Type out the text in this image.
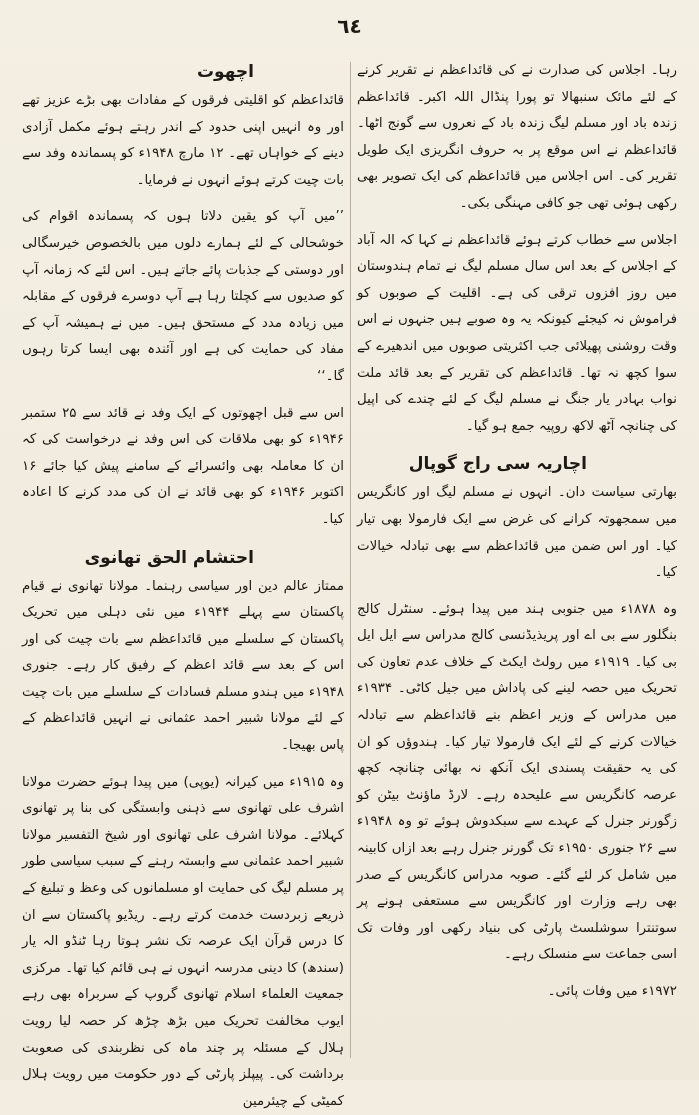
٦٤

رہا۔ اجلاس کی صدارت نے کی قائداعظم نے تقریر کرنے کے لئے مائک سنبھالا تو پورا پنڈال اللہ اکبر۔ قائداعظم زندہ باد اور مسلم لیگ زندہ باد کے نعروں سے گونج اٹھا۔ قائداعظم نے اس موقع پر بہ حروف انگریزی ایک طویل تقریر کی۔ اس اجلاس میں قائداعظم کی ایک تصویر بھی رکھی ہوئی تھی جو کافی مہنگی بکی۔

اجلاس سے خطاب کرتے ہوئے قائداعظم نے کہا کہ الہ آباد کے اجلاس کے بعد اس سال مسلم لیگ نے تمام ہندوستان میں روز افزوں ترقی کی ہے۔ اقلیت کے صوبوں کو فراموش نہ کیجئے کیونکہ یہ وہ صوبے ہیں جنہوں نے اس وقت روشنی پھیلائی جب اکثریتی صوبوں میں اندھیرے کے سوا کچھ نہ تھا۔ قائداعظم کی تقریر کے بعد قائد ملت نواب بہادر یار جنگ نے مسلم لیگ کے لئے چندے کی اپیل کی چنانچہ آٹھ لاکھ روپیہ جمع ہو گیا۔

اچاریہ سی راج گوپال

بھارتی سیاست دان۔ انہوں نے مسلم لیگ اور کانگریس میں سمجھوتہ کرانے کی غرض سے ایک فارمولا بھی تیار کیا۔ اور اس ضمن میں قائداعظم سے بھی تبادلہ خیالات کیا۔

وہ ۱۸۷۸ء میں جنوبی ہند میں پیدا ہوئے۔ سنٹرل کالج بنگلور سے بی اے اور پریذیڈنسی کالج مدراس سے ایل ایل بی کیا۔ ۱۹۱۹ء میں رولٹ ایکٹ کے خلاف عدم تعاون کی تحریک میں حصہ لینے کی پاداش میں جیل کاٹی۔ ۱۹۳۴ء میں مدراس کے وزیر اعظم بنے قائداعظم سے تبادلہ خیالات کرنے کے لئے ایک فارمولا تیار کیا۔ ہندوؤں کو ان کی یہ حقیقت پسندی ایک آنکھ نہ بھائی چنانچہ کچھ عرصہ کانگریس سے علیحدہ رہے۔ لارڈ ماؤنٹ بیٹن کو زگورنر جنرل کے عہدے سے سبکدوش ہوئے تو وہ ۱۹۴۸ء سے ۲۶ جنوری ۱۹۵۰ء تک گورنر جنرل رہے بعد ازاں کابینہ میں شامل کر لئے گئے۔ صوبہ مدراس کانگریس کے صدر بھی رہے وزارت اور کانگریس سے مستعفی ہونے پر سوتنترا سوشلسٹ پارٹی کی بنیاد رکھی اور وفات تک اسی جماعت سے منسلک رہے۔

۱۹۷۲ء میں وفات پائی۔

اچھوت

قائداعظم کو اقلیتی فرقوں کے مفادات بھی بڑے عزیز تھے اور وہ انہیں اپنی حدود کے اندر رہتے ہوئے مکمل آزادی دینے کے خواہاں تھے۔ ۱۲ مارچ ۱۹۴۸ء کو پسماندہ وفد سے بات چیت کرتے ہوئے انہوں نے فرمایا۔

’’میں آپ کو یقین دلاتا ہوں کہ پسماندہ اقوام کی خوشحالی کے لئے ہمارے دلوں میں بالخصوص خیرسگالی اور دوستی کے جذبات پائے جاتے ہیں۔ اس لئے کہ زمانہ آپ کو صدیوں سے کچلتا رہا ہے آپ دوسرے فرقوں کے مقابلہ میں زیادہ مدد کے مستحق ہیں۔ میں نے ہمیشہ آپ کے مفاد کی حمایت کی ہے اور آئندہ بھی ایسا کرتا رہوں گا۔‘‘

اس سے قبل اچھوتوں کے ایک وفد نے قائد سے ۲۵ ستمبر ۱۹۴۶ء کو بھی ملاقات کی اس وفد نے درخواست کی کہ ان کا معاملہ بھی وائسرائے کے سامنے پیش کیا جائے ۱۶ اکتوبر ۱۹۴۶ء کو بھی قائد نے ان کی مدد کرنے کا اعادہ کیا۔

احتشام الحق تھانوی

ممتاز عالم دین اور سیاسی رہنما۔ مولانا تھانوی نے قیام پاکستان سے پہلے ۱۹۴۴ء میں نئی دہلی میں تحریک پاکستان کے سلسلے میں قائداعظم سے بات چیت کی اور اس کے بعد سے قائد اعظم کے رفیق کار رہے۔ جنوری ۱۹۴۸ء میں ہندو مسلم فسادات کے سلسلے میں بات چیت کے لئے مولانا شبیر احمد عثمانی نے انہیں قائداعظم کے پاس بھیجا۔

وہ ۱۹۱۵ء میں کیرانہ (یوپی) میں پیدا ہوئے حضرت مولانا اشرف علی تھانوی سے ذہنی وابستگی کی بنا پر تھانوی کہلائے۔ مولانا اشرف علی تھانوی اور شیخ التفسیر مولانا شبیر احمد عثمانی سے وابستہ رہنے کے سبب سیاسی طور پر مسلم لیگ کی حمایت او مسلمانوں کی وعظ و تبلیغ کے ذریعے زبردست خدمت کرتے رہے۔ ریڈیو پاکستان سے ان کا درس قرآن ایک عرصہ تک نشر ہوتا رہا ٹنڈو الہ یار (سندھ) کا دینی مدرسہ انہوں نے ہی قائم کیا تھا۔ مرکزی جمعیت العلماء اسلام تھانوی گروپ کے سربراہ بھی رہے ایوب مخالفت تحریک میں بڑھ چڑھ کر حصہ لیا رویت ہلال کے مسئلہ پر چند ماہ کی نظربندی کی صعوبت برداشت کی۔ پیپلز پارٹی کے دور حکومت میں رویت ہلال کمیٹی کے چیئرمین
